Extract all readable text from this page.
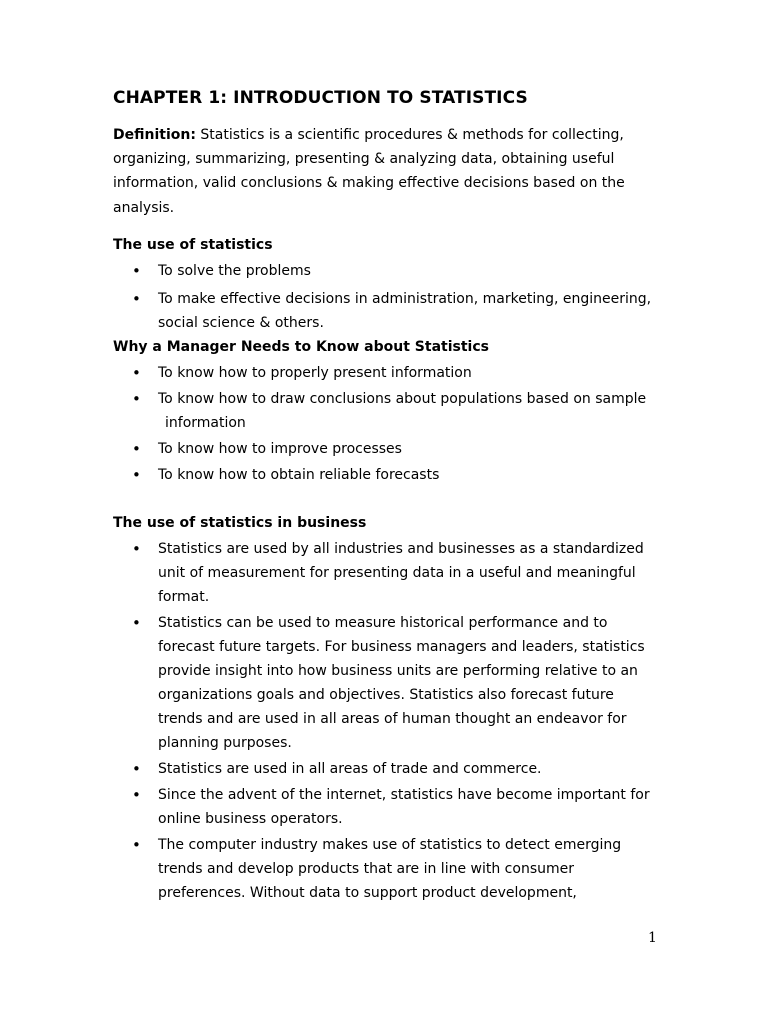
CHAPTER 1: INTRODUCTION TO STATISTICS
Definition: Statistics is a scientific procedures & methods for collecting, organizing, summarizing, presenting & analyzing data, obtaining useful information, valid conclusions & making effective decisions based on the analysis.
The use of statistics
• To solve the problems
• To make effective decisions in administration, marketing, engineering,
social science & others.
Why a Manager Needs to Know about Statistics
• To know how to properly present information
• To know how to draw conclusions about populations based on sample
information
• To know how to improve processes
• To know how to obtain reliable forecasts
The use of statistics in business
• Statistics are used by all industries and businesses as a standardized
unit of measurement for presenting data in a useful and meaningful
format.
• Statistics can be used to measure historical performance and to
forecast future targets. For business managers and leaders, statistics
provide insight into how business units are performing relative to an
organizations goals and objectives. Statistics also forecast future
trends and are used in all areas of human thought an endeavor for
planning purposes.
• Statistics are used in all areas of trade and commerce.
• Since the advent of the internet, statistics have become important for
online business operators.
• The computer industry makes use of statistics to detect emerging
trends and develop products that are in line with consumer
preferences. Without data to support product development,
1
